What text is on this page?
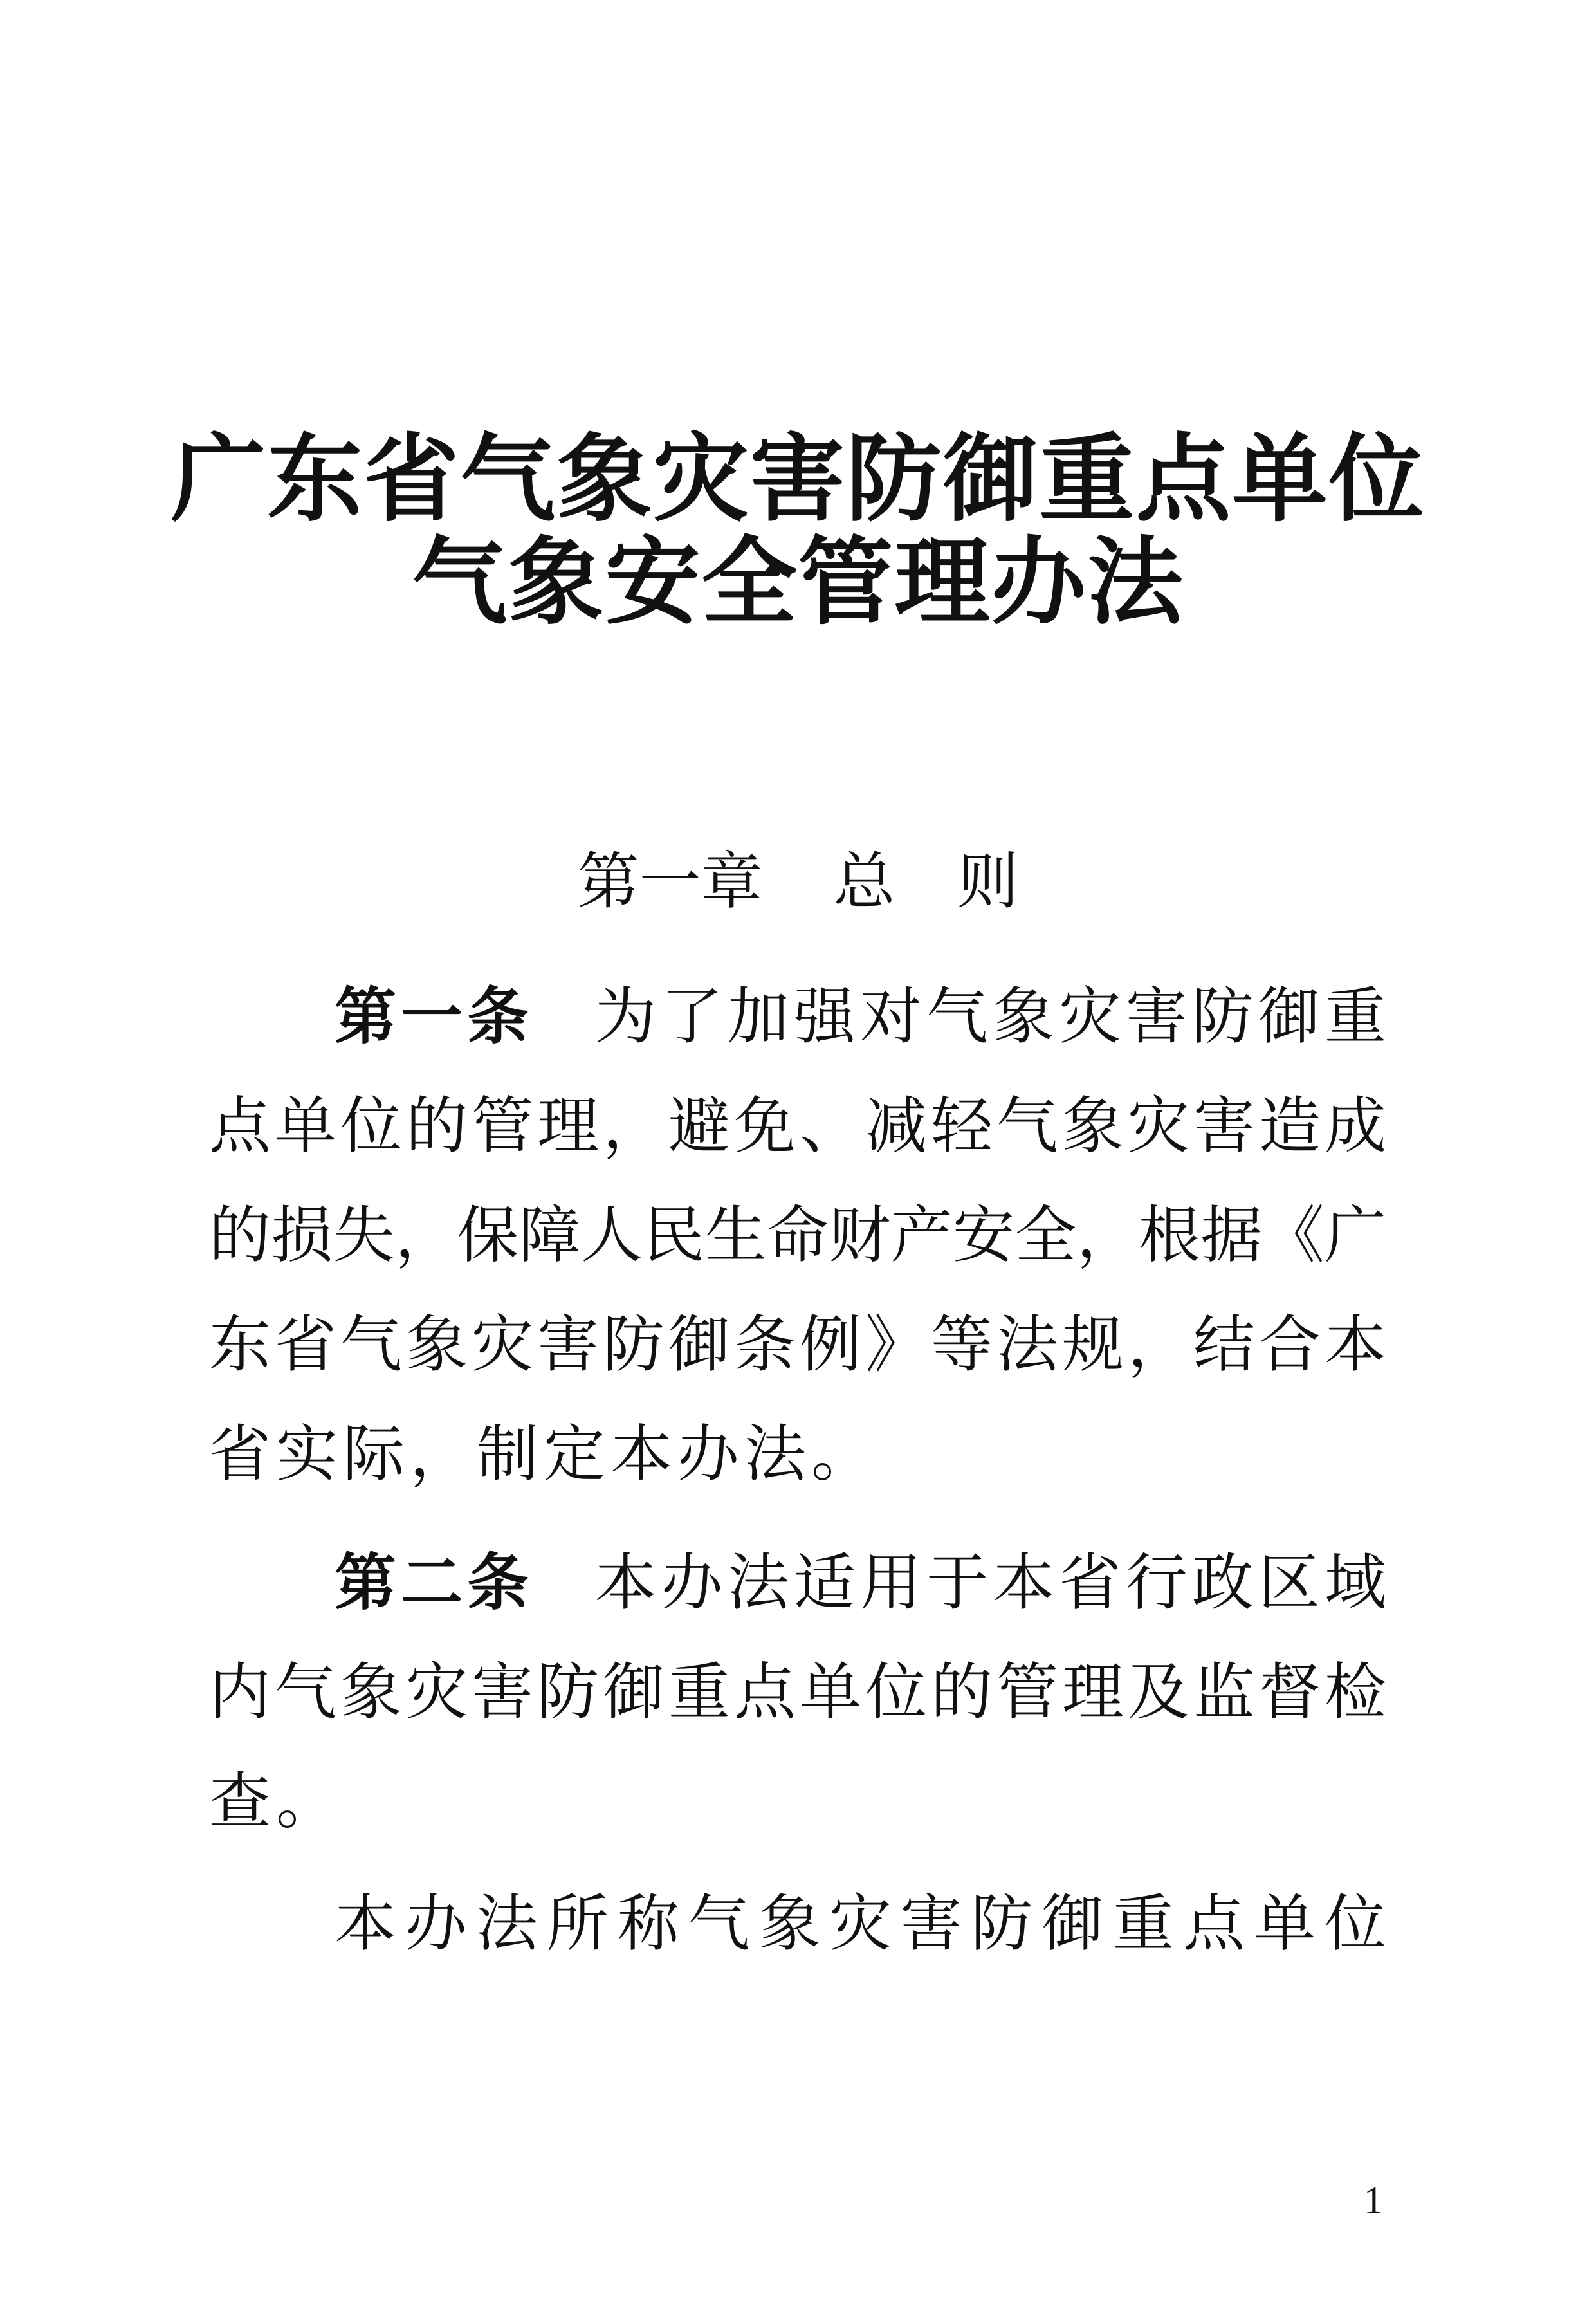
广东省气象灾害防御重点单位
气象安全管理办法
第一章 总 则
第一条 为了加强对气象灾害防御重
点单位的管理，避免、减轻气象灾害造成
的损失，保障人民生命财产安全，根据《广
东省气象灾害防御条例》等法规，结合本
省实际，制定本办法。
第二条 本办法适用于本省行政区域
内气象灾害防御重点单位的管理及监督检
查。
本办法所称气象灾害防御重点单位
1
